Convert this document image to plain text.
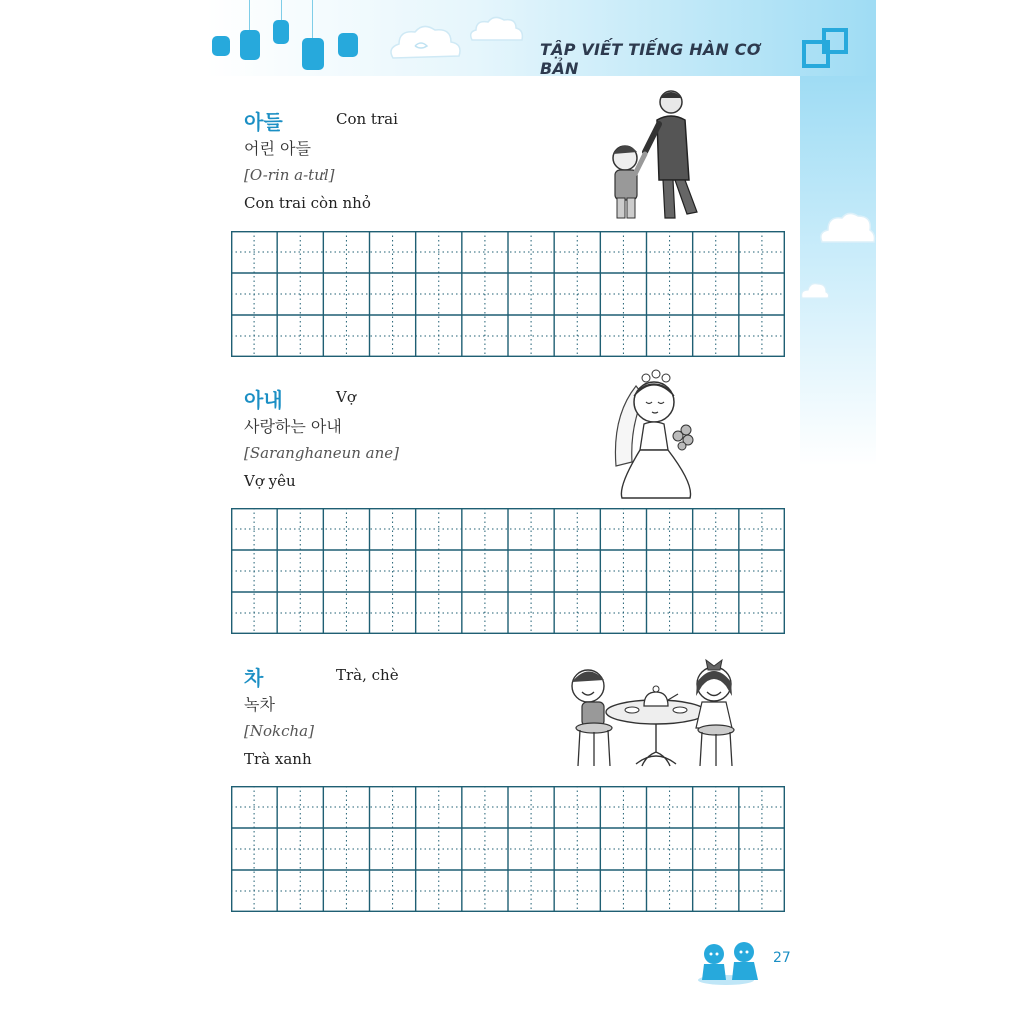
TẬP VIẾT TIẾNG HÀN CƠ BẢN
아들	Con trai
어린 아들
[O-rin a-tưl]
Con trai còn nhỏ
아내	Vợ
사랑하는 아내
[Saranghaneun ane]
Vợ yêu
차	Trà, chè
녹차
[Nokcha]
Trà xanh
27
